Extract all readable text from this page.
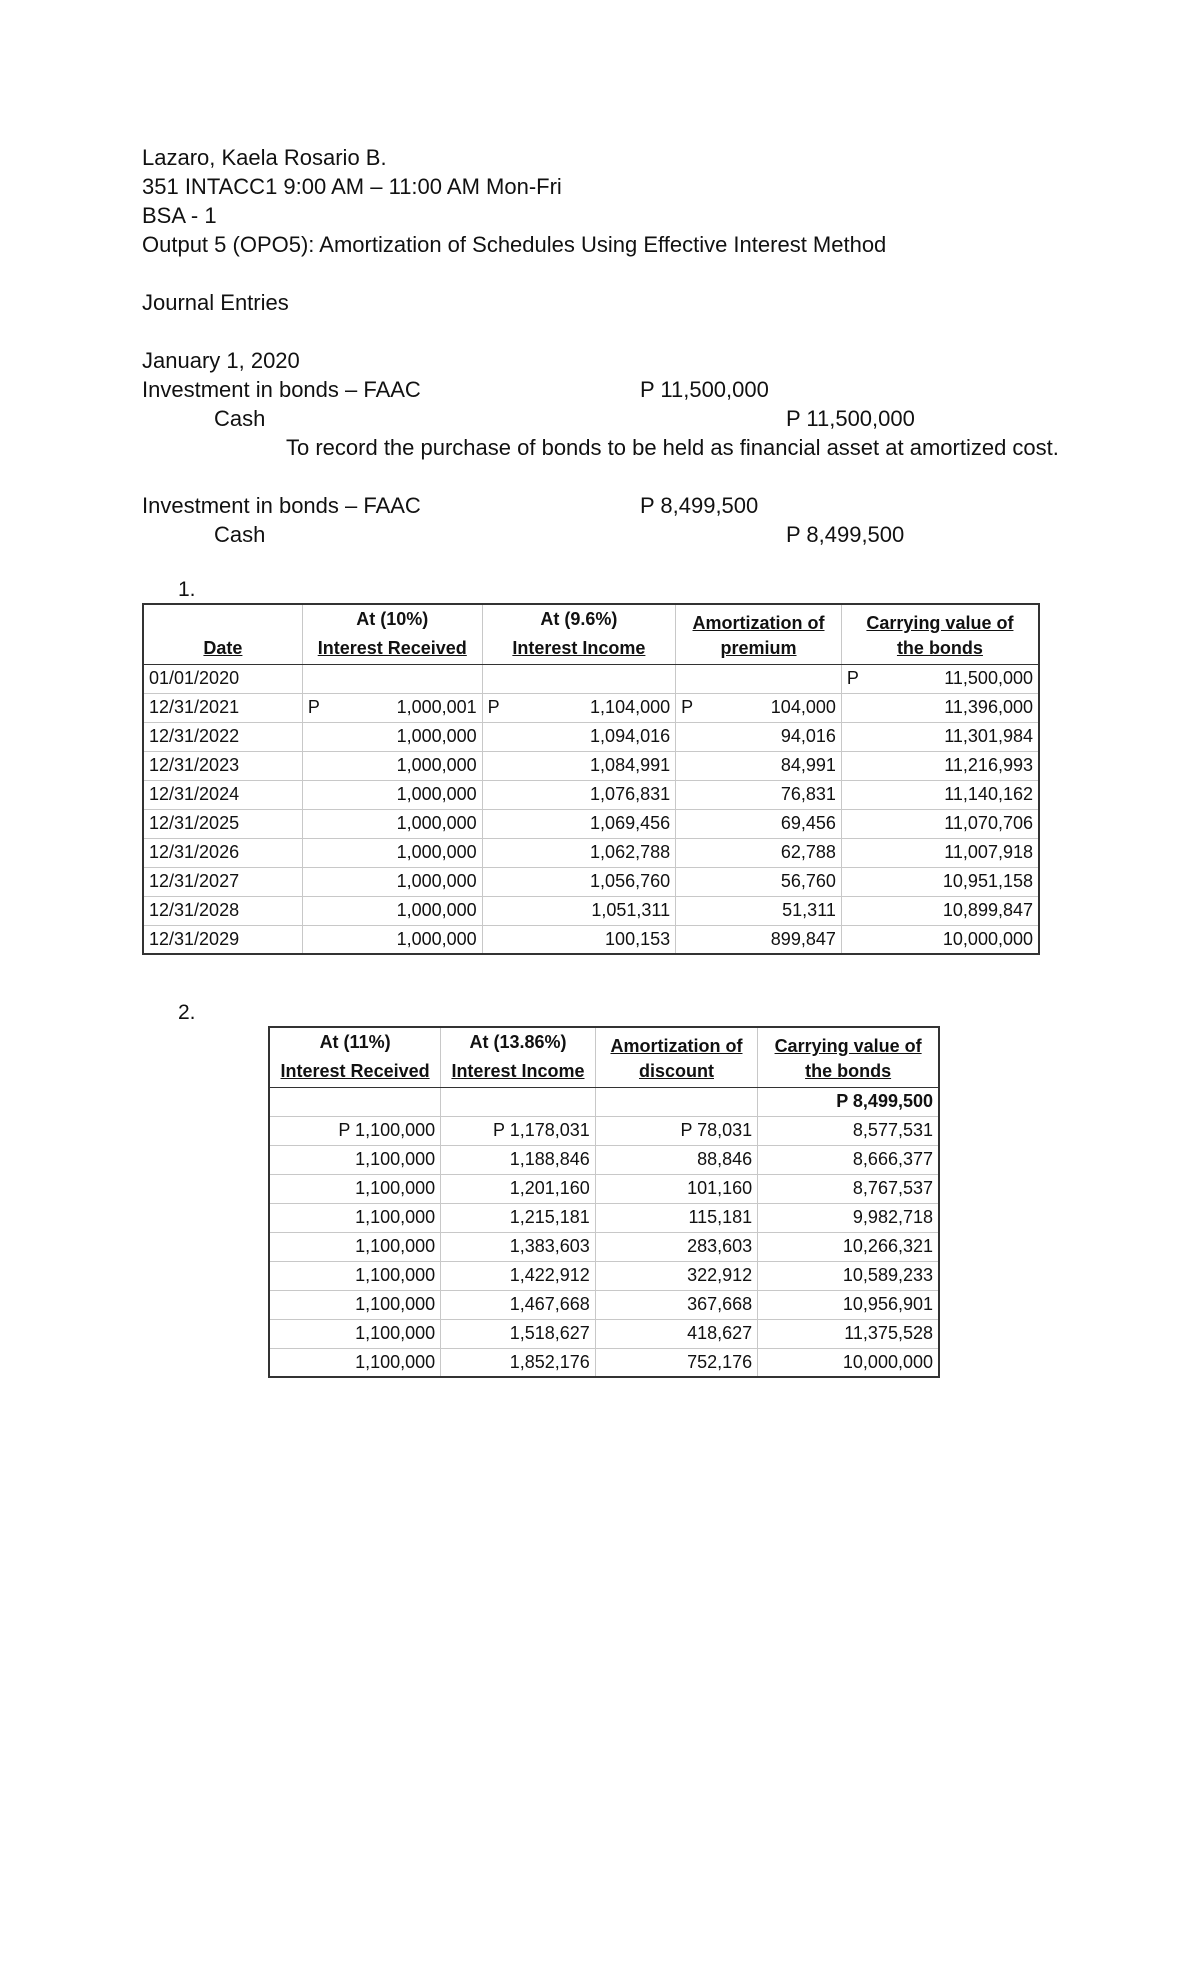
Lazaro, Kaela Rosario B.
351 INTACC1 9:00 AM – 11:00 AM Mon-Fri
BSA - 1
Output 5 (OPO5): Amortization of Schedules Using Effective Interest Method
Journal Entries
January 1, 2020
Investment in bonds – FAAC	P 11,500,000
Cash	P 11,500,000
To record the purchase of bonds to be held as financial asset at amortized cost.
Investment in bonds – FAAC	P 8,499,500
Cash	P 8,499,500
1.
	At (10%)	At (9.6%)	Amortization of	Carrying value of
Date	Interest Received	Interest Income	premium	the bonds
01/01/2020				P 11,500,000

12/31/2021	P 1,000,001	P 1,104,000	P 104,000	11,396,000
12/31/2022	1,000,000	1,094,016	94,016	11,301,984
12/31/2023	1,000,000	1,084,991	84,991	11,216,993
12/31/2024	1,000,000	1,076,831	76,831	11,140,162
12/31/2025	1,000,000	1,069,456	69,456	11,070,706
12/31/2026	1,000,000	1,062,788	62,788	11,007,918
12/31/2027	1,000,000	1,056,760	56,760	10,951,158
12/31/2028	1,000,000	1,051,311	51,311	10,899,847
12/31/2029	1,000,000	100,153	899,847	10,000,000
2.
At (11%)	At (13.86%)	Amortization of	Carrying value of
Interest Received	Interest Income	discount	the bonds
			P 8,499,500
P 1,100,000	P 1,178,031	P 78,031	8,577,531
1,100,000	1,188,846	88,846	8,666,377
1,100,000	1,201,160	101,160	8,767,537
1,100,000	1,215,181	115,181	9,982,718
1,100,000	1,383,603	283,603	10,266,321
1,100,000	1,422,912	322,912	10,589,233
1,100,000	1,467,668	367,668	10,956,901
1,100,000	1,518,627	418,627	11,375,528
1,100,000	1,852,176	752,176	10,000,000
